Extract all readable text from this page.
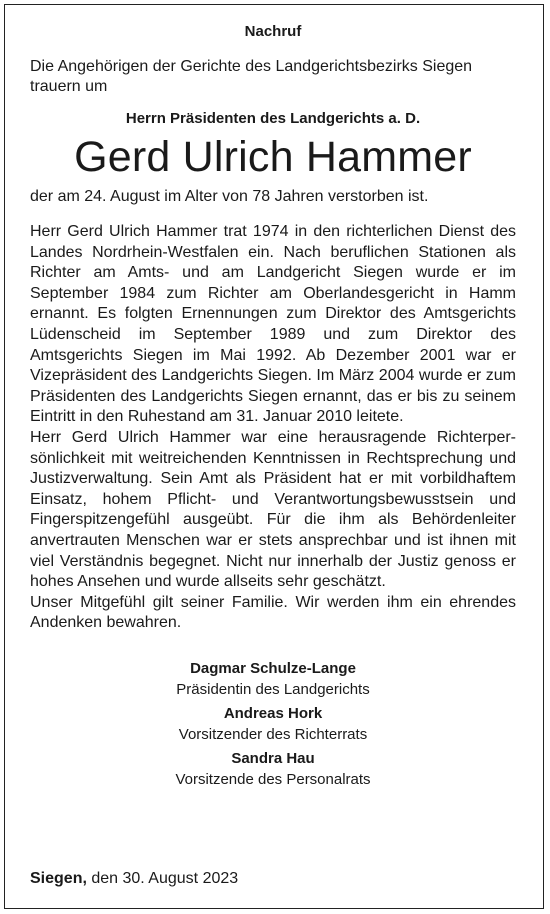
Nachruf

Die Angehörigen der Gerichte des Landgerichtsbezirks Siegen trauern um

Herrn Präsidenten des Landgerichts a. D.

Gerd Ulrich Hammer

der am 24. August im Alter von 78 Jahren verstorben ist.

Herr Gerd Ulrich Hammer trat 1974 in den richterlichen Dienst des Landes Nordrhein-Westfalen ein. Nach beruflichen Stationen als Richter am Amts- und am Landgericht Siegen wurde er im September 1984 zum Richter am Oberlandesgericht in Hamm ernannt. Es folgten Ernennungen zum Direktor des Amtsgerichts Lüdenscheid im September 1989 und zum Direktor des Amtsgerichts Siegen im Mai 1992. Ab Dezember 2001 war er Vizepräsident des Landgerichts Siegen. Im März 2004 wurde er zum Präsidenten des Landgerichts Siegen ernannt, das er bis zu seinem Eintritt in den Ruhestand am 31. Januar 2010 leitete.

Herr Gerd Ulrich Hammer war eine herausragende Richterpersönlichkeit mit weitreichenden Kenntnissen in Rechtsprechung und Justizverwaltung. Sein Amt als Präsident hat er mit vorbildhaftem Einsatz, hohem Pflicht- und Verantwortungsbewusstsein und Fingerspitzengefühl ausgeübt. Für die ihm als Behördenleiter anvertrauten Menschen war er stets ansprechbar und ist ihnen mit viel Verständnis begegnet. Nicht nur innerhalb der Justiz genoss er hohes Ansehen und wurde allseits sehr geschätzt.

Unser Mitgefühl gilt seiner Familie. Wir werden ihm ein ehrendes Andenken bewahren.

Dagmar Schulze-Lange

Präsidentin des Landgerichts

Andreas Hork

Vorsitzender des Richterrats

Sandra Hau

Vorsitzende des Personalrats

Siegen, den 30. August 2023
